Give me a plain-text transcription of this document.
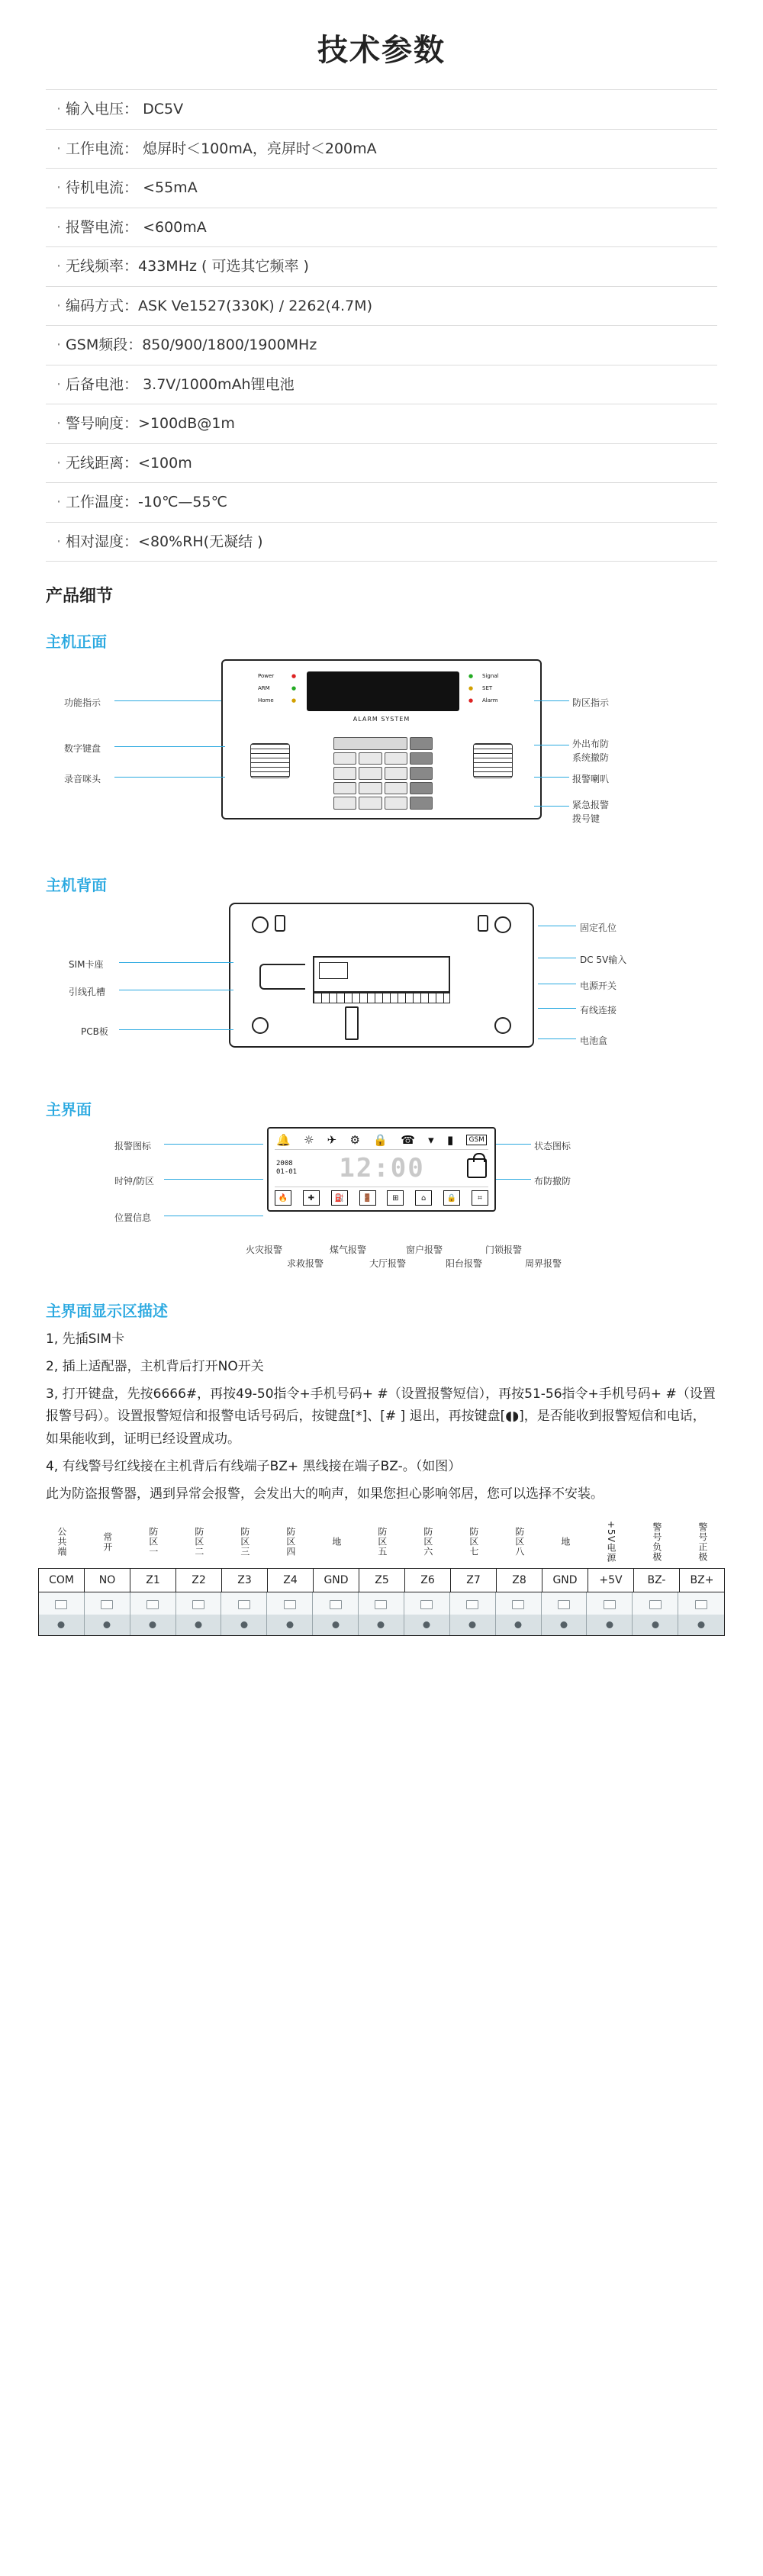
技术参数
· 输入电压： DC5V
· 工作电流： 熄屏时＜100mA，亮屏时＜200mA
· 待机电流： <55mA
· 报警电流： <600mA
· 无线频率：433MHz ( 可选其它频率 )
· 编码方式：ASK Ve1527(330K) / 2262(4.7M)
· GSM频段：850/900/1800/1900MHz
· 后备电池： 3.7V/1000mAh锂电池
· 警号响度：>100dB@1m
· 无线距离：<100m
· 工作温度：-10℃—55℃
· 相对湿度：<80%RH(无凝结 )
产品细节
主机正面
Power
ARM
Home
●
●
●
Signal
SET
Alarm
●
●
●
ALARM SYSTEM
功能指示
数字键盘
录音咪头
防区指示
外出布防
系统撤防
报警喇叭
紧急报警
拨号键
主机背面
SIM卡座
引线孔槽
PCB板
固定孔位
DC 5V输入
电源开关
有线连接
电池盒
主界面
🔔 ☼ ✈ ⚙ 🔒 ☎ ▾ ▮	GSM
2008
01-01 12:00
🔥	✚	⛽	🚪	⊞	⌂	🔒	⌗
报警图标
时钟/防区
位置信息
状态图标
布防撤防
火灾报警
求救报警
煤气报警
大厅报警
窗户报警
阳台报警
门锁报警
周界报警
主界面显示区描述

1, 先插SIM卡

2, 插上适配器，主机背后打开NO开关

3, 打开键盘，先按6666#，再按49-50指令+手机号码+ #（设置报警短信），再按51-56指令+手机号码+ #（设置报警号码）。设置报警短信和报警电话号码后，按键盘[*]、[# ] 退出，再按键盘[◖◗]，是否能收到报警短信和电话，如果能收到，证明已经设置成功。

4, 有线警号红线接在主机背后有线端子BZ+ 黑线接在端子BZ-。（如图）

此为防盗报警器，遇到异常会报警，会发出大的响声，如果您担心影响邻居，您可以选择不安装。

公共端	常开	防区一	防区二	防区三	防区四	地	防区五	防区六	防区七	防区八	地	+5V电源	警号负极	警号正极
COM	NO	Z1	Z2	Z3	Z4	GND	Z5	Z6	Z7	Z8	GND	+5V	BZ-	BZ+
